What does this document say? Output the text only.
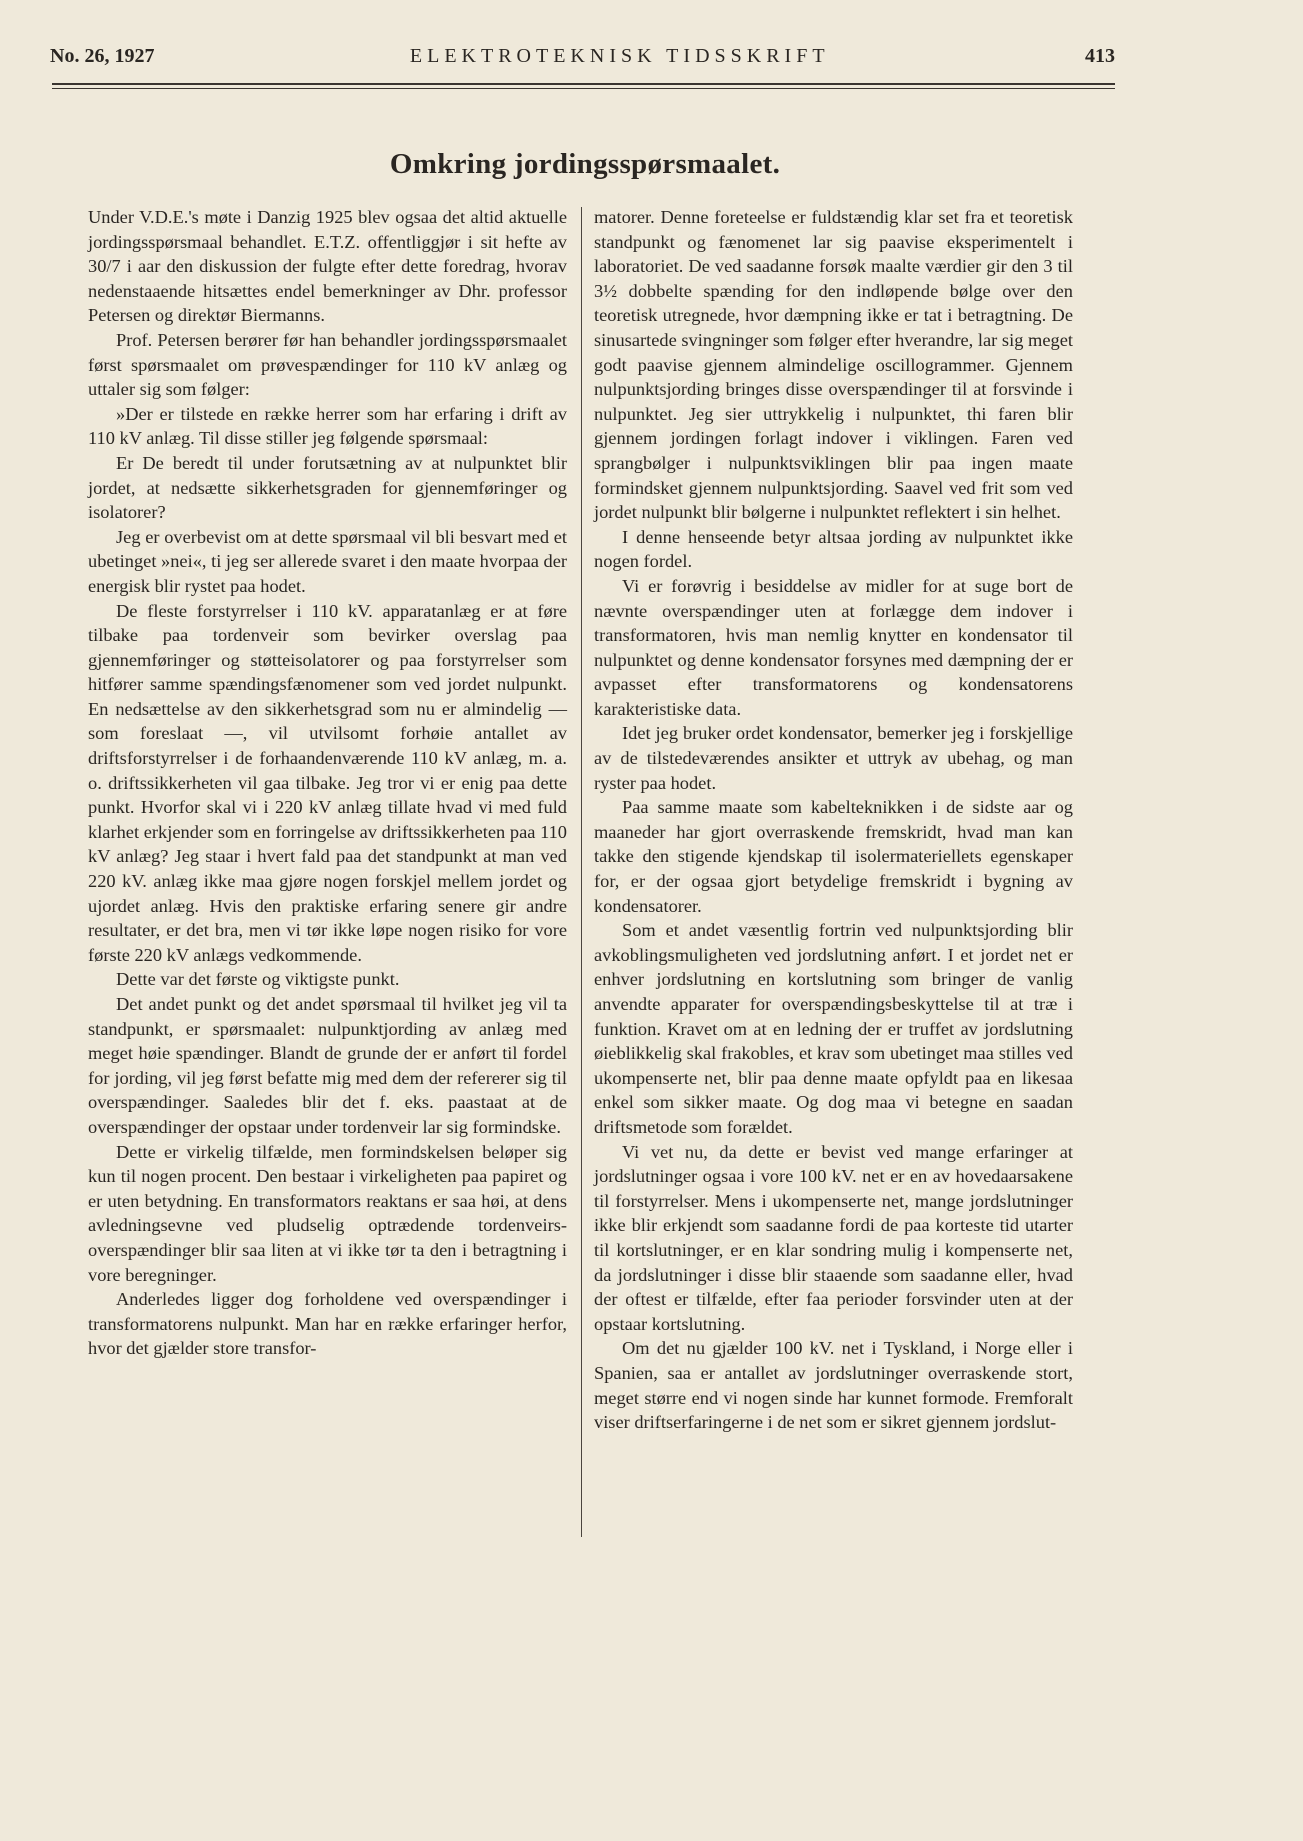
No. 26, 1927	ELEKTROTEKNISK TIDSSKRIFT	413
Omkring jordingsspørsmaalet.

Under V.D.E.'s møte i Danzig 1925 blev ogsaa det altid aktuelle jordingsspørsmaal behandlet. E.T.Z. offentliggjør i sit hefte av 30/7 i aar den diskussion der fulgte efter dette foredrag, hvorav nedenstaaende hitsættes endel bemerkninger av Dhr. professor Petersen og direktør Biermanns.

Prof. Petersen berører før han behandler jordingsspørsmaalet først spørsmaalet om prøvespændinger for 110 kV anlæg og uttaler sig som følger:

»Der er tilstede en række herrer som har erfaring i drift av 110 kV anlæg. Til disse stiller jeg følgende spørsmaal:

Er De beredt til under forutsætning av at nulpunktet blir jordet, at nedsætte sikkerhetsgraden for gjennemføringer og isolatorer?

Jeg er overbevist om at dette spørsmaal vil bli besvart med et ubetinget »nei«, ti jeg ser allerede svaret i den maate hvorpaa der energisk blir rystet paa hodet.

De fleste forstyrrelser i 110 kV. apparatanlæg er at føre tilbake paa tordenveir som bevirker overslag paa gjennemføringer og støtteisolatorer og paa forstyrrelser som hitfører samme spændingsfænomener som ved jordet nulpunkt. En nedsættelse av den sikkerhetsgrad som nu er almindelig — som foreslaat —, vil utvilsomt forhøie antallet av driftsforstyrrelser i de forhaandenværende 110 kV anlæg, m. a. o. driftssikkerheten vil gaa tilbake. Jeg tror vi er enig paa dette punkt. Hvorfor skal vi i 220 kV anlæg tillate hvad vi med fuld klarhet erkjender som en forringelse av driftssikkerheten paa 110 kV anlæg? Jeg staar i hvert fald paa det standpunkt at man ved 220 kV. anlæg ikke maa gjøre nogen forskjel mellem jordet og ujordet anlæg. Hvis den praktiske erfaring senere gir andre resultater, er det bra, men vi tør ikke løpe nogen risiko for vore første 220 kV anlægs vedkommende.

Dette var det første og viktigste punkt.

Det andet punkt og det andet spørsmaal til hvilket jeg vil ta standpunkt, er spørsmaalet: nulpunktjording av anlæg med meget høie spændinger. Blandt de grunde der er anført til fordel for jording, vil jeg først befatte mig med dem der refererer sig til overspændinger. Saaledes blir det f. eks. paastaat at de overspændinger der opstaar under tordenveir lar sig formindske.

Dette er virkelig tilfælde, men formindskelsen beløper sig kun til nogen procent. Den bestaar i virkeligheten paa papiret og er uten betydning. En transformators reaktans er saa høi, at dens avledningsevne ved pludselig optrædende tordenveirs-overspændinger blir saa liten at vi ikke tør ta den i betragtning i vore beregninger.

Anderledes ligger dog forholdene ved overspændinger i transformatorens nulpunkt. Man har en række erfaringer herfor, hvor det gjælder store transfor-

matorer. Denne foreteelse er fuldstændig klar set fra et teoretisk standpunkt og fænomenet lar sig paavise eksperimentelt i laboratoriet. De ved saadanne forsøk maalte værdier gir den 3 til 3½ dobbelte spænding for den indløpende bølge over den teoretisk utregnede, hvor dæmpning ikke er tat i betragtning. De sinusartede svingninger som følger efter hverandre, lar sig meget godt paavise gjennem almindelige oscillogrammer. Gjennem nulpunktsjording bringes disse overspændinger til at forsvinde i nulpunktet. Jeg sier uttrykkelig i nulpunktet, thi faren blir gjennem jordingen forlagt indover i viklingen. Faren ved sprangbølger i nulpunktsviklingen blir paa ingen maate formindsket gjennem nulpunktsjording. Saavel ved frit som ved jordet nulpunkt blir bølgerne i nulpunktet reflektert i sin helhet.

I denne henseende betyr altsaa jording av nulpunktet ikke nogen fordel.

Vi er forøvrig i besiddelse av midler for at suge bort de nævnte overspændinger uten at forlægge dem indover i transformatoren, hvis man nemlig knytter en kondensator til nulpunktet og denne kondensator forsynes med dæmpning der er avpasset efter transformatorens og kondensatorens karakteristiske data.

Idet jeg bruker ordet kondensator, bemerker jeg i forskjellige av de tilstedeværendes ansikter et uttryk av ubehag, og man ryster paa hodet.

Paa samme maate som kabelteknikken i de sidste aar og maaneder har gjort overraskende fremskridt, hvad man kan takke den stigende kjendskap til isolermateriellets egenskaper for, er der ogsaa gjort betydelige fremskridt i bygning av kondensatorer.

Som et andet væsentlig fortrin ved nulpunktsjording blir avkoblingsmuligheten ved jordslutning anført. I et jordet net er enhver jordslutning en kortslutning som bringer de vanlig anvendte apparater for overspændingsbeskyttelse til at træ i funktion. Kravet om at en ledning der er truffet av jordslutning øieblikkelig skal frakobles, et krav som ubetinget maa stilles ved ukompenserte net, blir paa denne maate opfyldt paa en likesaa enkel som sikker maate. Og dog maa vi betegne en saadan driftsmetode som forældet.

Vi vet nu, da dette er bevist ved mange erfaringer at jordslutninger ogsaa i vore 100 kV. net er en av hovedaarsakene til forstyrrelser. Mens i ukompenserte net, mange jordslutninger ikke blir erkjendt som saadanne fordi de paa korteste tid utarter til kortslutninger, er en klar sondring mulig i kompenserte net, da jordslutninger i disse blir staaende som saadanne eller, hvad der oftest er tilfælde, efter faa perioder forsvinder uten at der opstaar kortslutning.

Om det nu gjælder 100 kV. net i Tyskland, i Norge eller i Spanien, saa er antallet av jordslutninger overraskende stort, meget større end vi nogen sinde har kunnet formode. Fremforalt viser driftserfaringerne i de net som er sikret gjennem jordslut-
